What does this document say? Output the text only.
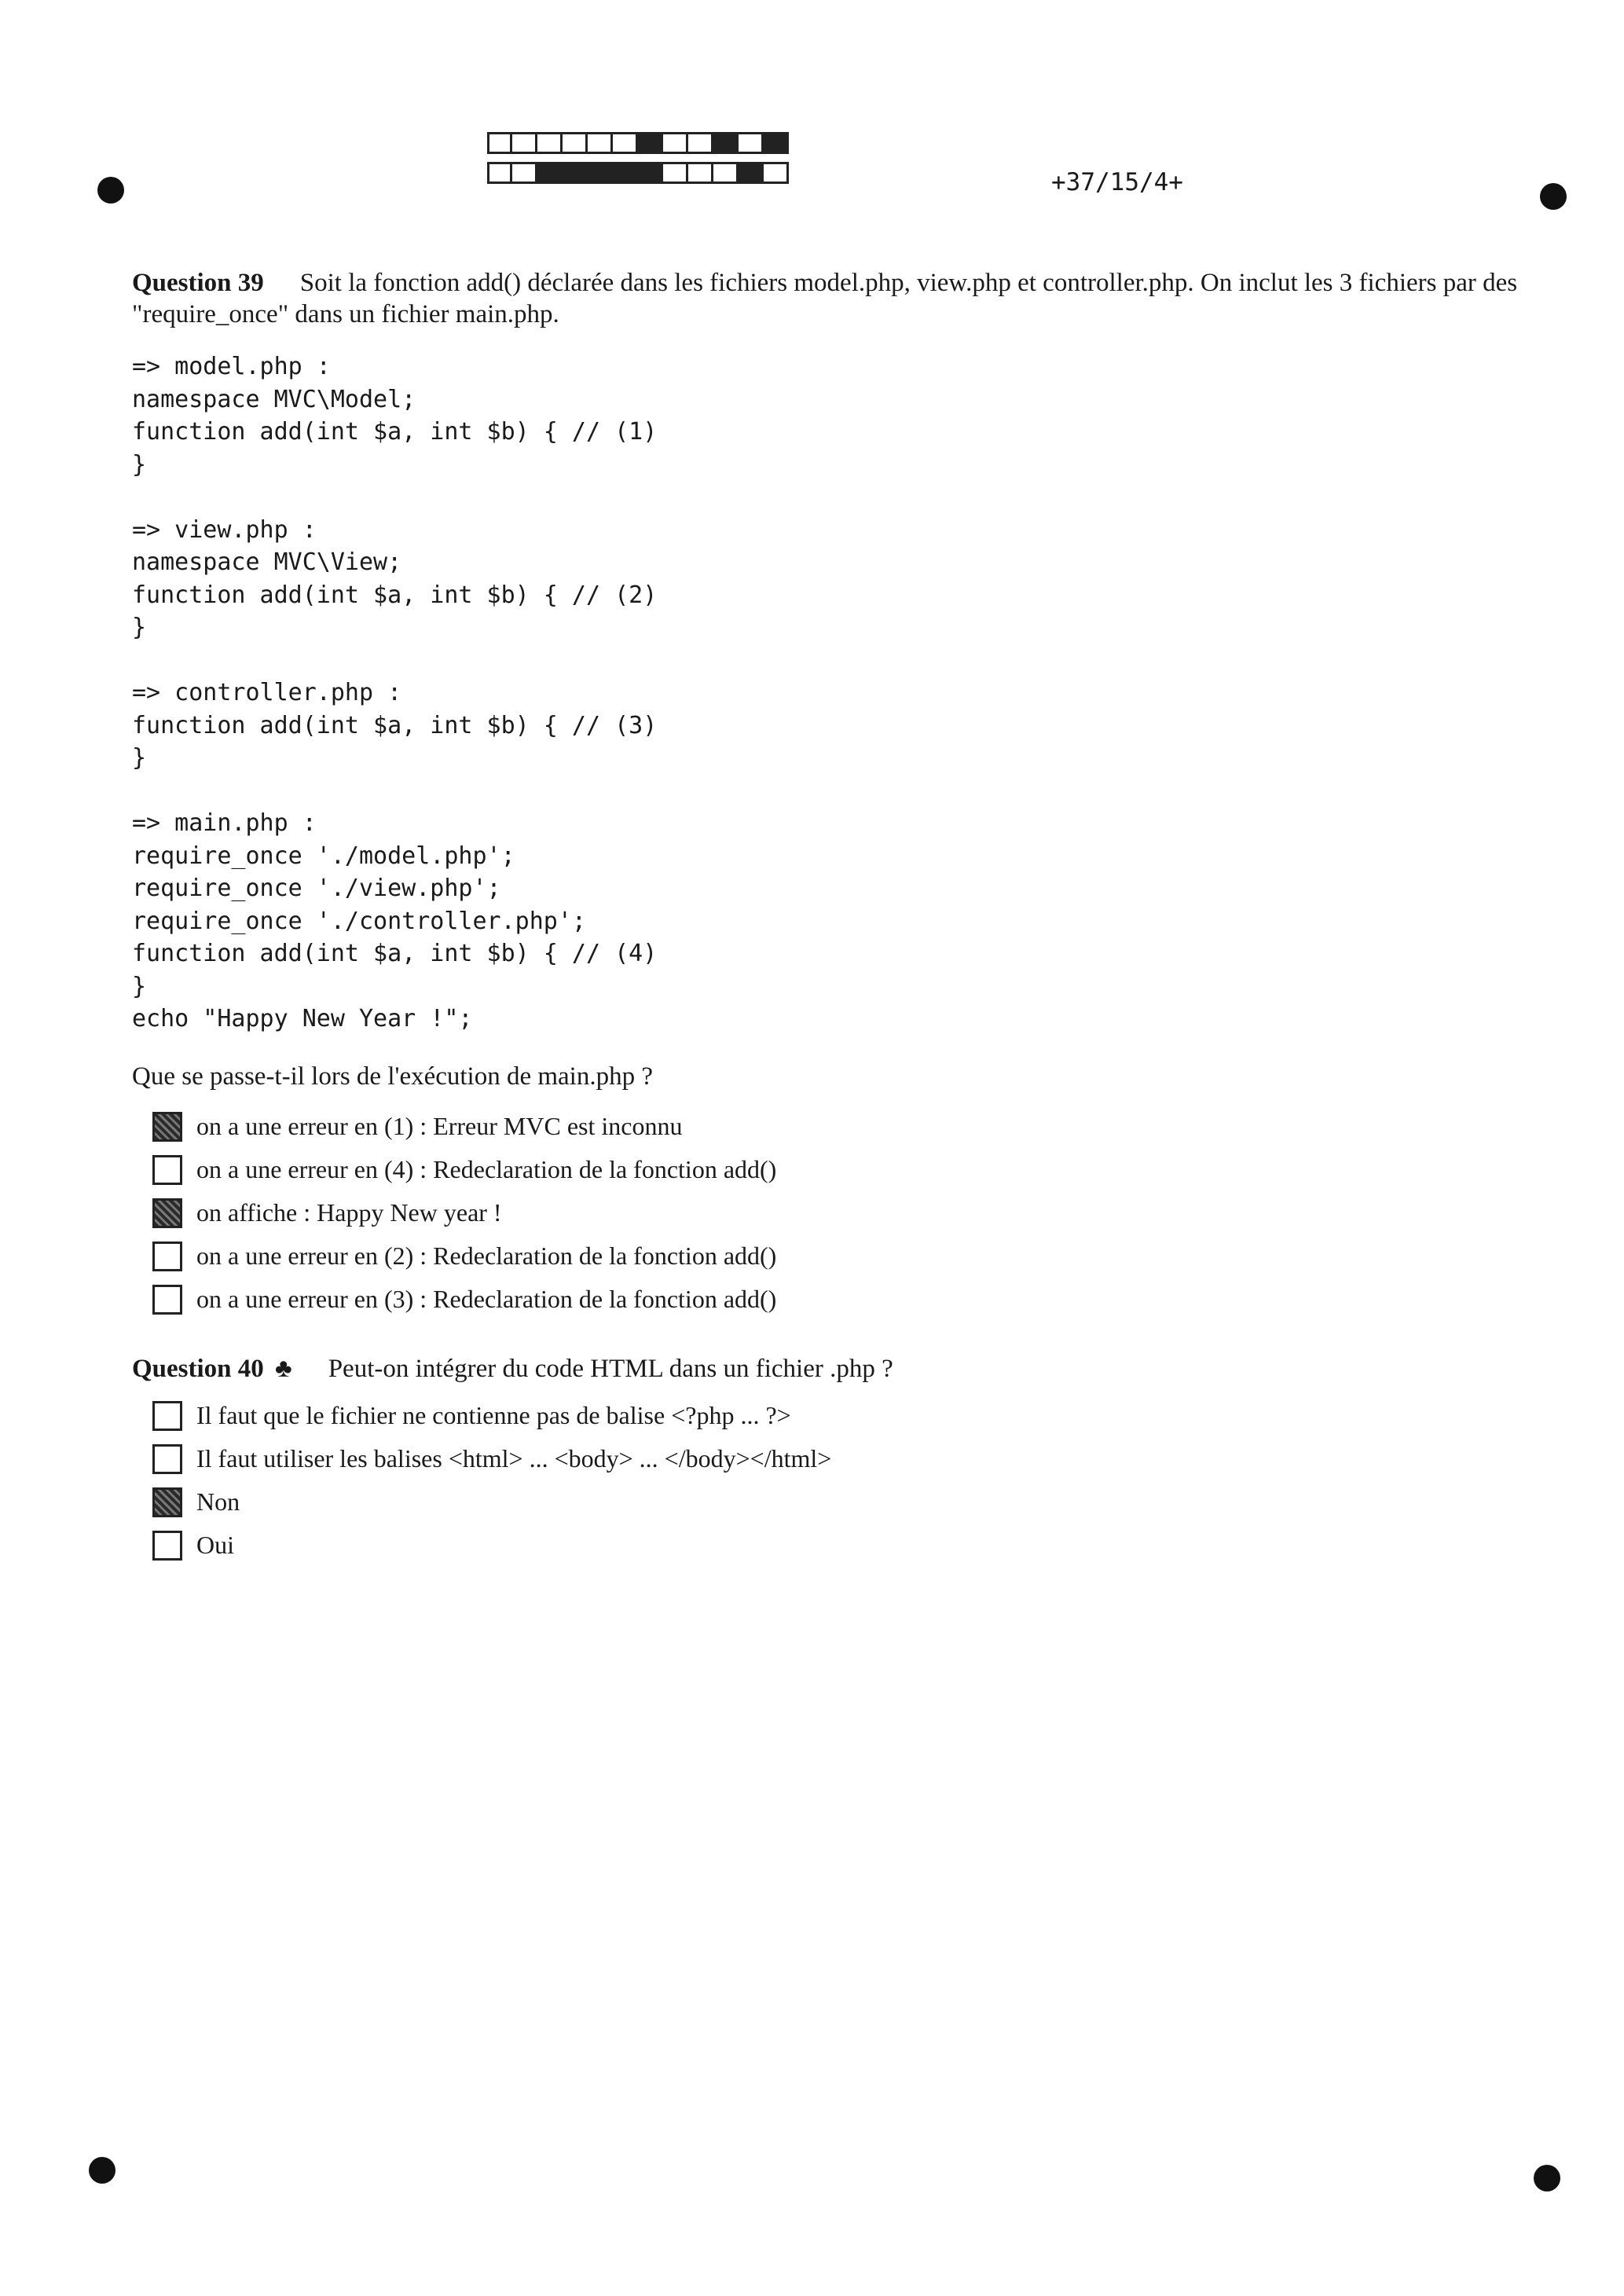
+37/15/4+
Question 39 Soit la fonction add() déclarée dans les fichiers model.php, view.php et controller.php. On inclut les 3 fichiers par des "require_once" dans un fichier main.php.
=> model.php :
namespace MVC\Model;
function add(int $a, int $b) { // (1)
}
=> view.php :
namespace MVC\View;
function add(int $a, int $b) { // (2)
}
=> controller.php :
function add(int $a, int $b) { // (3)
}
=> main.php :
require_once './model.php';
require_once './view.php';
require_once './controller.php';
function add(int $a, int $b) { // (4)
}
echo "Happy New Year !";
Que se passe-t-il lors de l'exécution de main.php ?
on a une erreur en (1) : Erreur MVC est inconnu
on a une erreur en (4) : Redeclaration de la fonction add()
on affiche : Happy New year !
on a une erreur en (2) : Redeclaration de la fonction add()
on a une erreur en (3) : Redeclaration de la fonction add()
Question 40 ♣ Peut-on intégrer du code HTML dans un fichier .php ?
Il faut que le fichier ne contienne pas de balise <?php ... ?>
Il faut utiliser les balises <html> ... <body> ... </body></html>
Non
Oui
